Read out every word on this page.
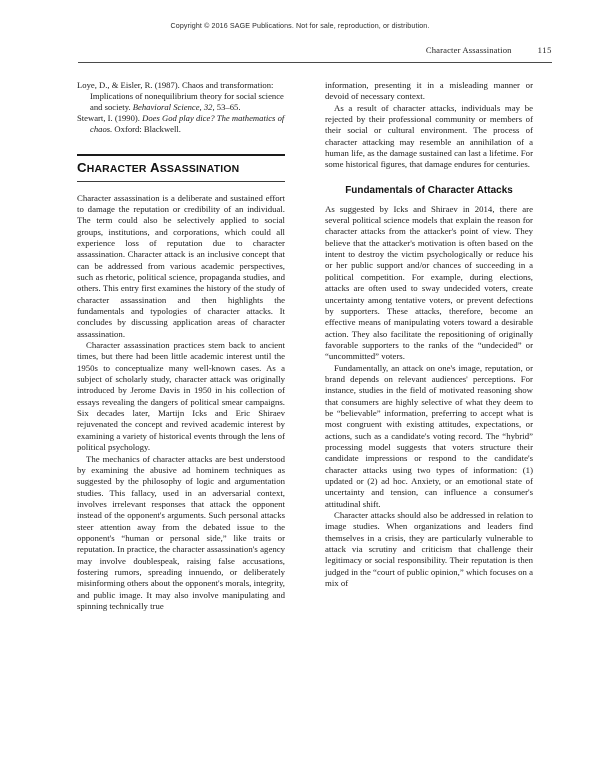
Copyright © 2016 SAGE Publications. Not for sale, reproduction, or distribution.
Character Assassination	115

Loye, D., & Eisler, R. (1987). Chaos and transformation: Implications of nonequilibrium theory for social science and society. Behavioral Science, 32, 53–65.

Stewart, I. (1990). Does God play dice? The mathematics of chaos. Oxford: Blackwell.

CHARACTER ASSASSINATION

Character assassination is a deliberate and sustained effort to damage the reputation or credibility of an individual. The term could also be selectively applied to social groups, institutions, and corporations, which could all experience loss of reputation due to character assassination. Character attack is an inclusive concept that can be addressed from various academic perspectives, such as rhetoric, political science, propaganda studies, and others. This entry first examines the history of the study of character assassination and then highlights the fundamentals and typologies of character attacks. It concludes by discussing application areas of character assassination.

Character assassination practices stem back to ancient times, but there had been little academic interest until the 1950s to conceptualize many well-known cases. As a subject of scholarly study, character attack was originally introduced by Jerome Davis in 1950 in his collection of essays revealing the dangers of political smear campaigns. Six decades later, Martijn Icks and Eric Shiraev rejuvenated the concept and revived academic interest by examining a variety of historical events through the lens of political psychology.

The mechanics of character attacks are best understood by examining the abusive ad hominem techniques as suggested by the philosophy of logic and argumentation studies. This fallacy, used in an adversarial context, involves irrelevant responses that attack the opponent instead of the opponent's arguments. Such personal attacks steer attention away from the debated issue to the opponent's “human or personal side,” like traits or reputation. In practice, the character assassination's agency may involve doublespeak, raising false accusations, fostering rumors, spreading innuendo, or deliberately misinforming others about the opponent's morals, integrity, and public image. It may also involve manipulating and spinning technically true

information, presenting it in a misleading manner or devoid of necessary context.

As a result of character attacks, individuals may be rejected by their professional community or members of their social or cultural environment. The process of character attacking may resemble an annihilation of a human life, as the damage sustained can last a lifetime. For some historical figures, that damage endures for centuries.

Fundamentals of Character Attacks

As suggested by Icks and Shiraev in 2014, there are several political science models that explain the reason for character attacks from the attacker's point of view. They believe that the attacker's motivation is often based on the intent to destroy the victim psychologically or reduce his or her public support and/or chances of succeeding in a political competition. For example, during elections, attacks are often used to sway undecided voters, create uncertainty among tentative voters, or prevent defections by supporters. These attacks, therefore, become an effective means of manipulating voters toward a desirable action. They also facilitate the repositioning of originally favorable supporters to the ranks of the “undecided” or “uncommitted” voters.

Fundamentally, an attack on one's image, reputation, or brand depends on relevant audiences' perceptions. For instance, studies in the field of motivated reasoning show that consumers are highly selective of what they deem to be “believable” information, preferring to accept what is most congruent with existing attitudes, expectations, or actions, such as a candidate's voting record. The “hybrid” processing model suggests that voters structure their candidate impressions or respond to the candidate's character attacks using two types of information: (1) updated or (2) ad hoc. Anxiety, or an emotional state of uncertainty and tension, can influence a consumer's attitudinal shift.

Character attacks should also be addressed in relation to image studies. When organizations and leaders find themselves in a crisis, they are particularly vulnerable to attack via scrutiny and criticism that challenge their legitimacy or social responsibility. Their reputation is then judged in the “court of public opinion,” which focuses on a mix of
